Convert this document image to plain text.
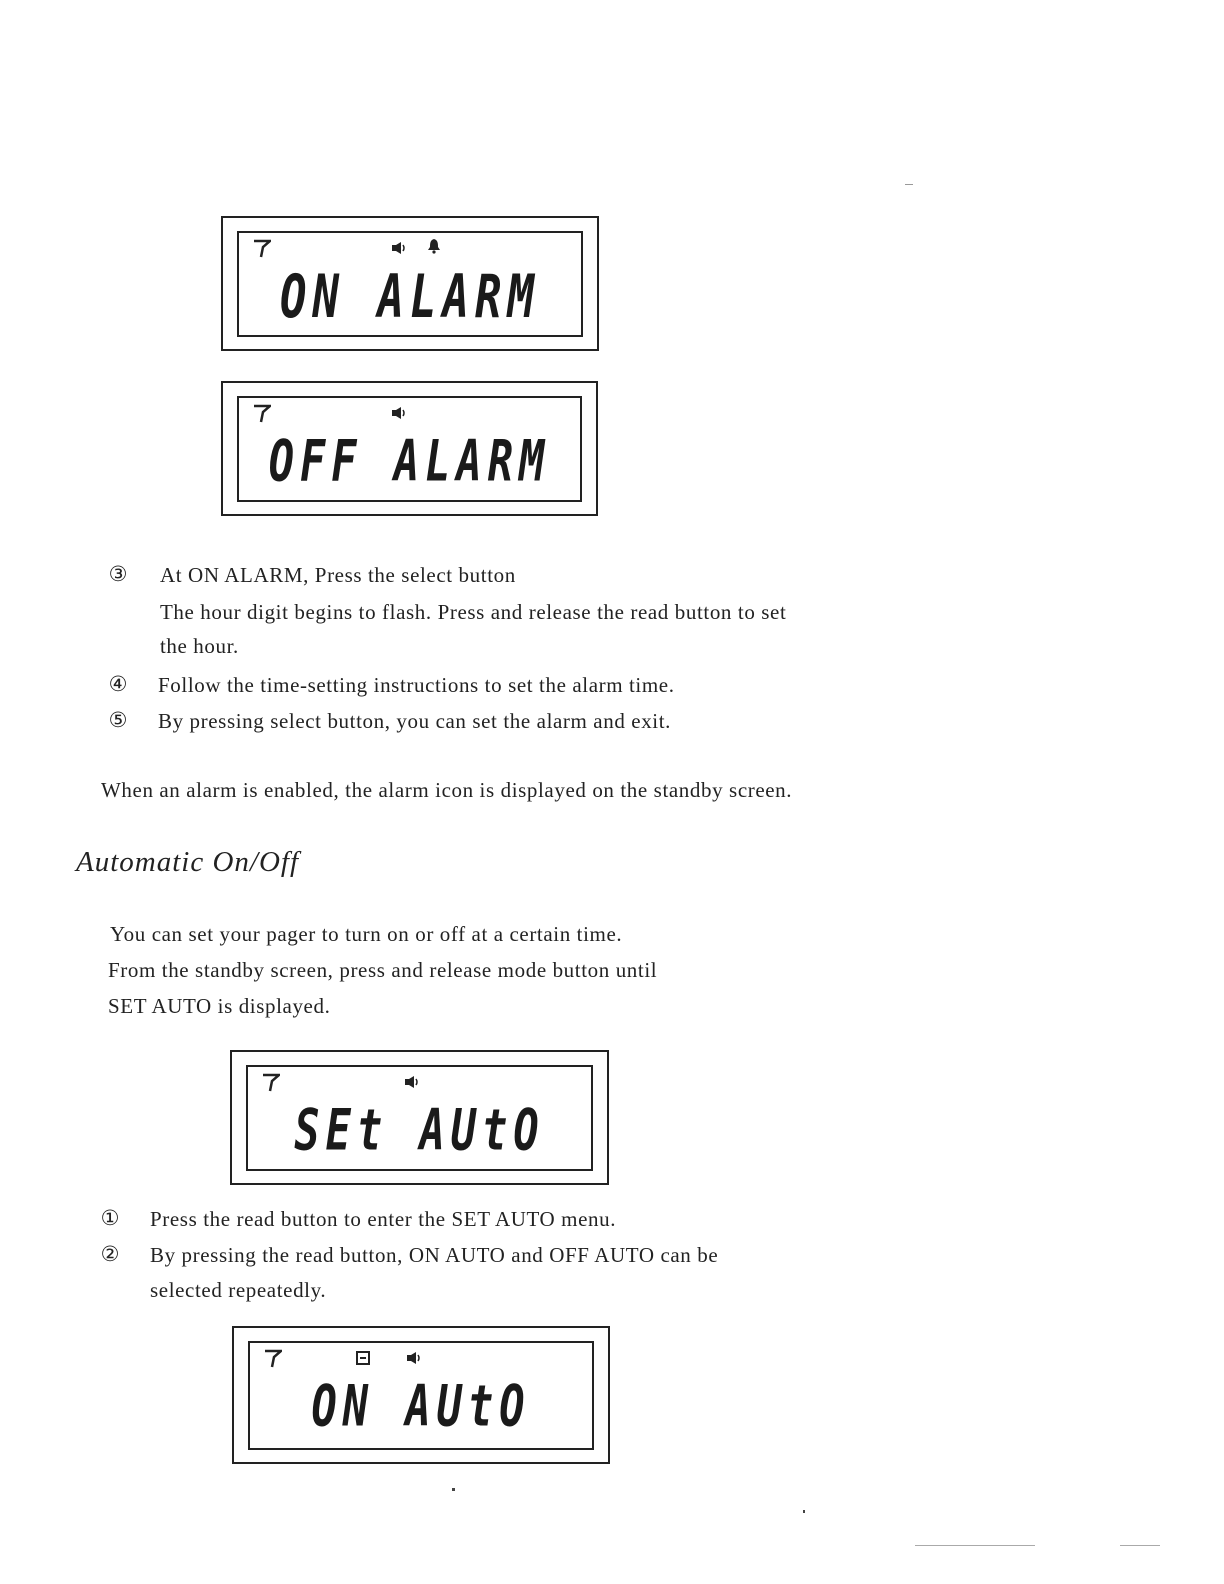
ON ALARM
OFF ALARM
③ At ON ALARM, Press the select button
The hour digit begins to flash. Press and release the read button to set
the hour.
④ Follow the time-setting instructions to set the alarm time.
⑤ By pressing select button, you can set the alarm and exit.
When an alarm is enabled, the alarm icon is displayed on the standby screen.
Automatic On/Off
You can set your pager to turn on or off at a certain time.
From the standby screen, press and release mode button until
SET AUTO is displayed.
SEt AUtO
① Press the read button to enter the SET AUTO menu.
② By pressing the read button, ON AUTO and OFF AUTO can be
selected repeatedly.
ON AUtO
